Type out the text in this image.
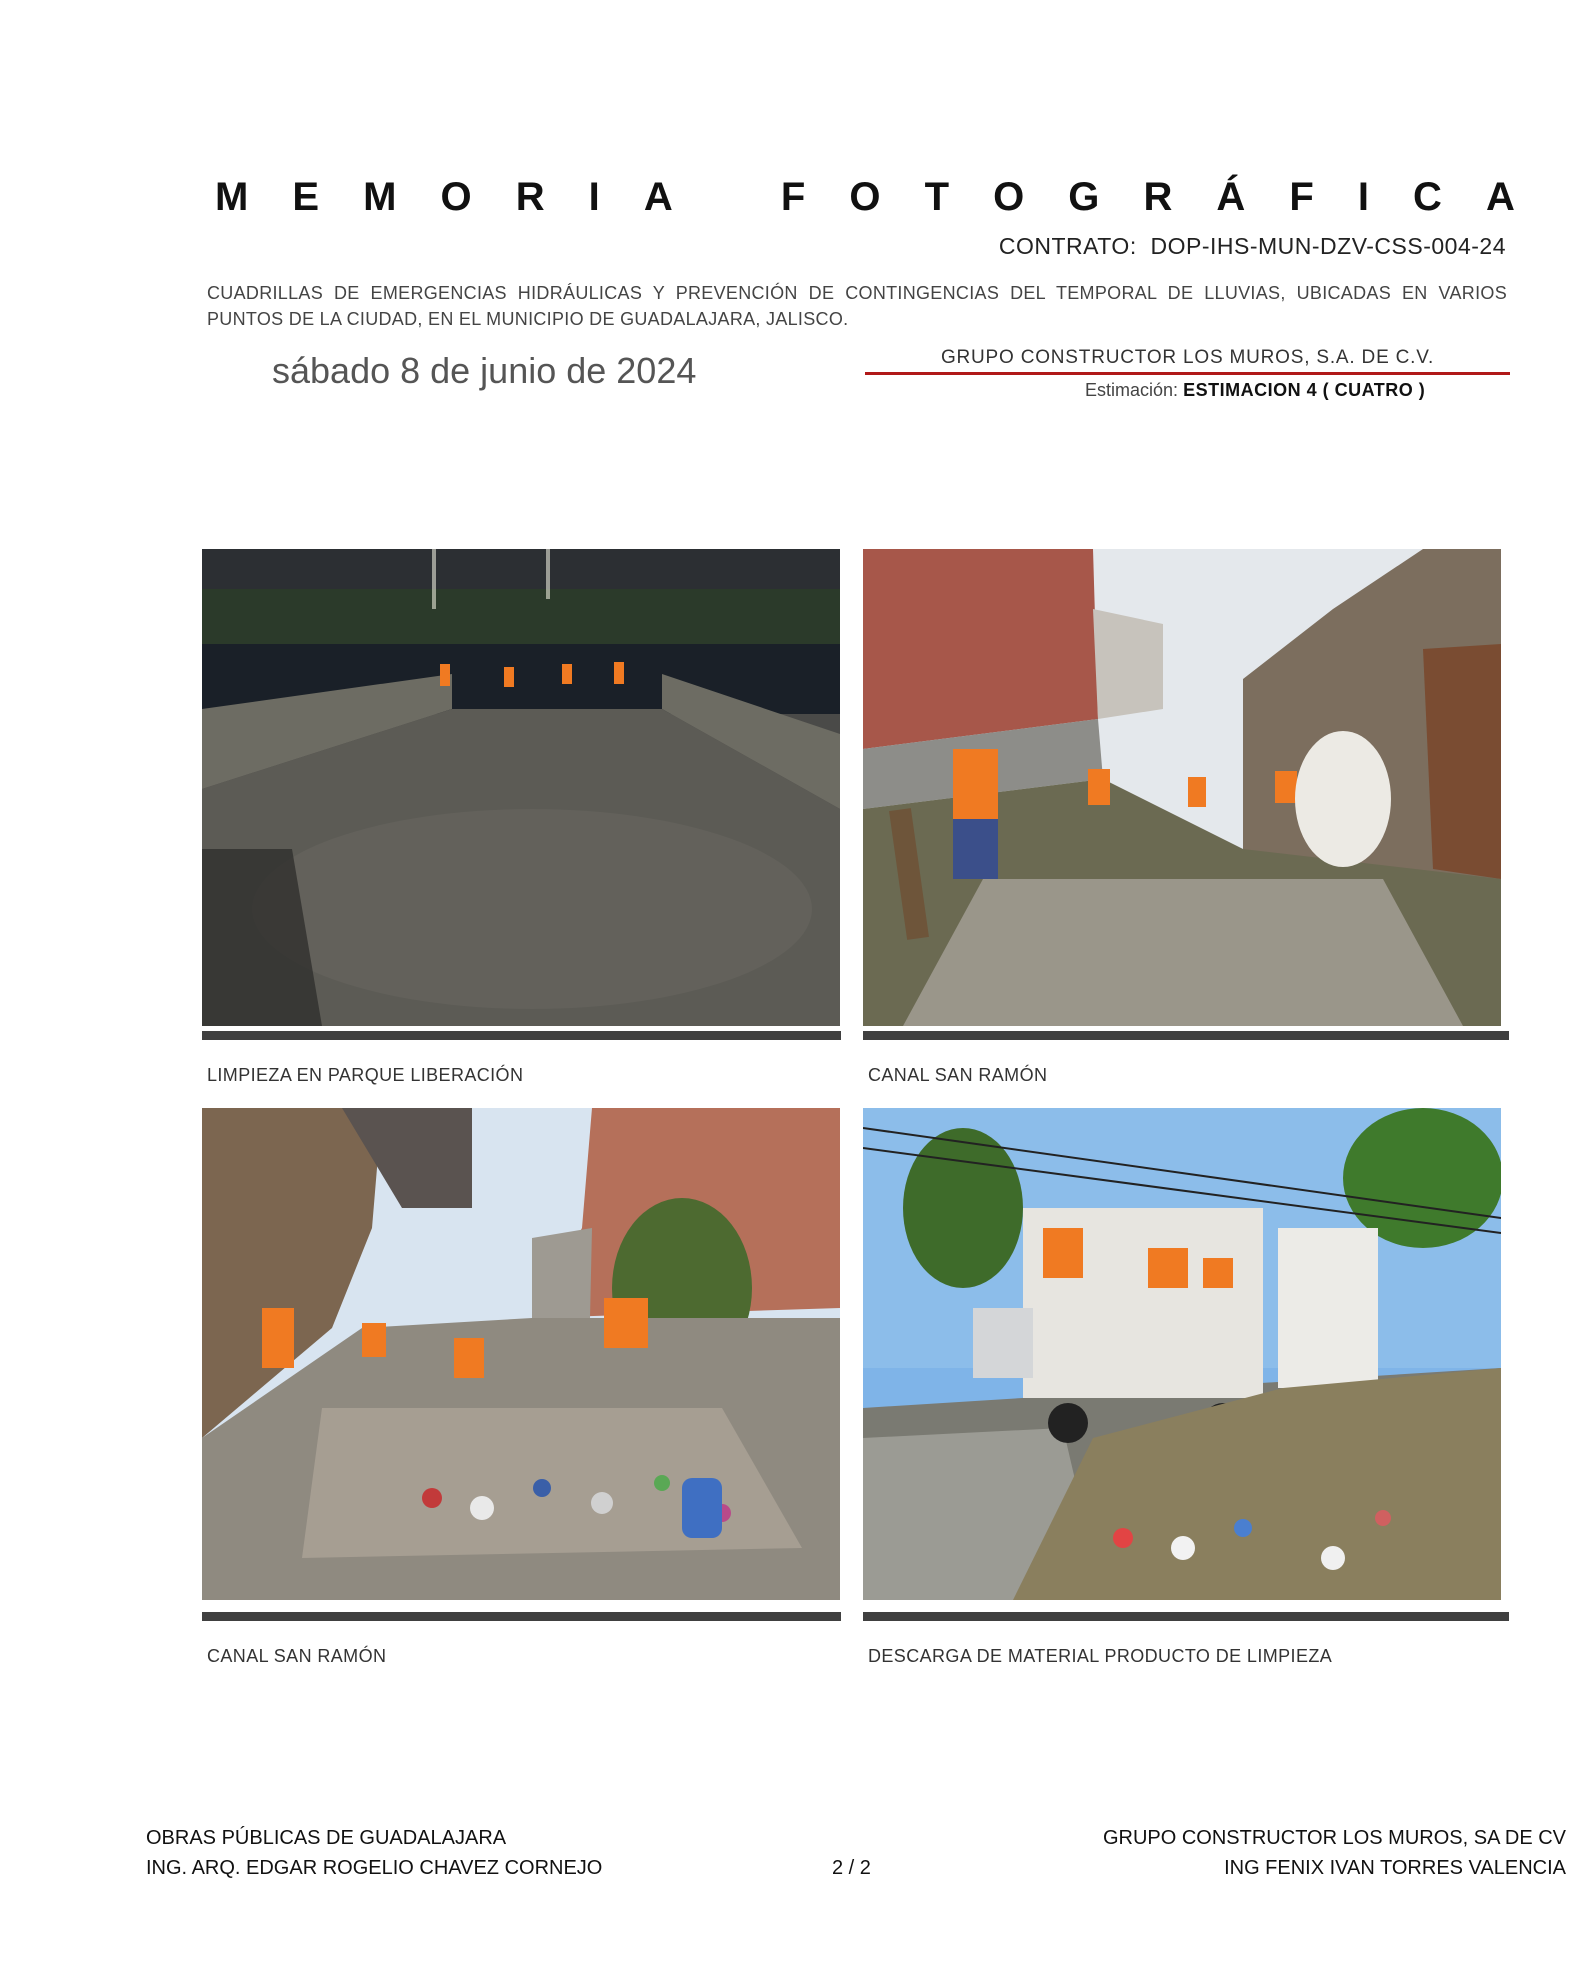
M E M O R I A	F O T O G R Á F I C A
CONTRATO: DOP-IHS-MUN-DZV-CSS-004-24
CUADRILLAS DE EMERGENCIAS HIDRÁULICAS Y PREVENCIÓN DE CONTINGENCIAS DEL TEMPORAL DE LLUVIAS, UBICADAS EN VARIOS PUNTOS DE LA CIUDAD, EN EL MUNICIPIO DE GUADALAJARA, JALISCO.
sábado 8 de junio de 2024	GRUPO CONSTRUCTOR LOS MUROS, S.A. DE C.V.
Estimación: ESTIMACION 4 ( CUATRO )
LIMPIEZA EN PARQUE LIBERACIÓN	CANAL SAN RAMÓN
CANAL SAN RAMÓN	DESCARGA DE MATERIAL PRODUCTO DE LIMPIEZA
OBRAS PÚBLICAS DE GUADALAJARA
ING. ARQ. EDGAR ROGELIO CHAVEZ CORNEJO	2 / 2
GRUPO CONSTRUCTOR LOS MUROS, SA DE CV
ING FENIX IVAN TORRES VALENCIA
